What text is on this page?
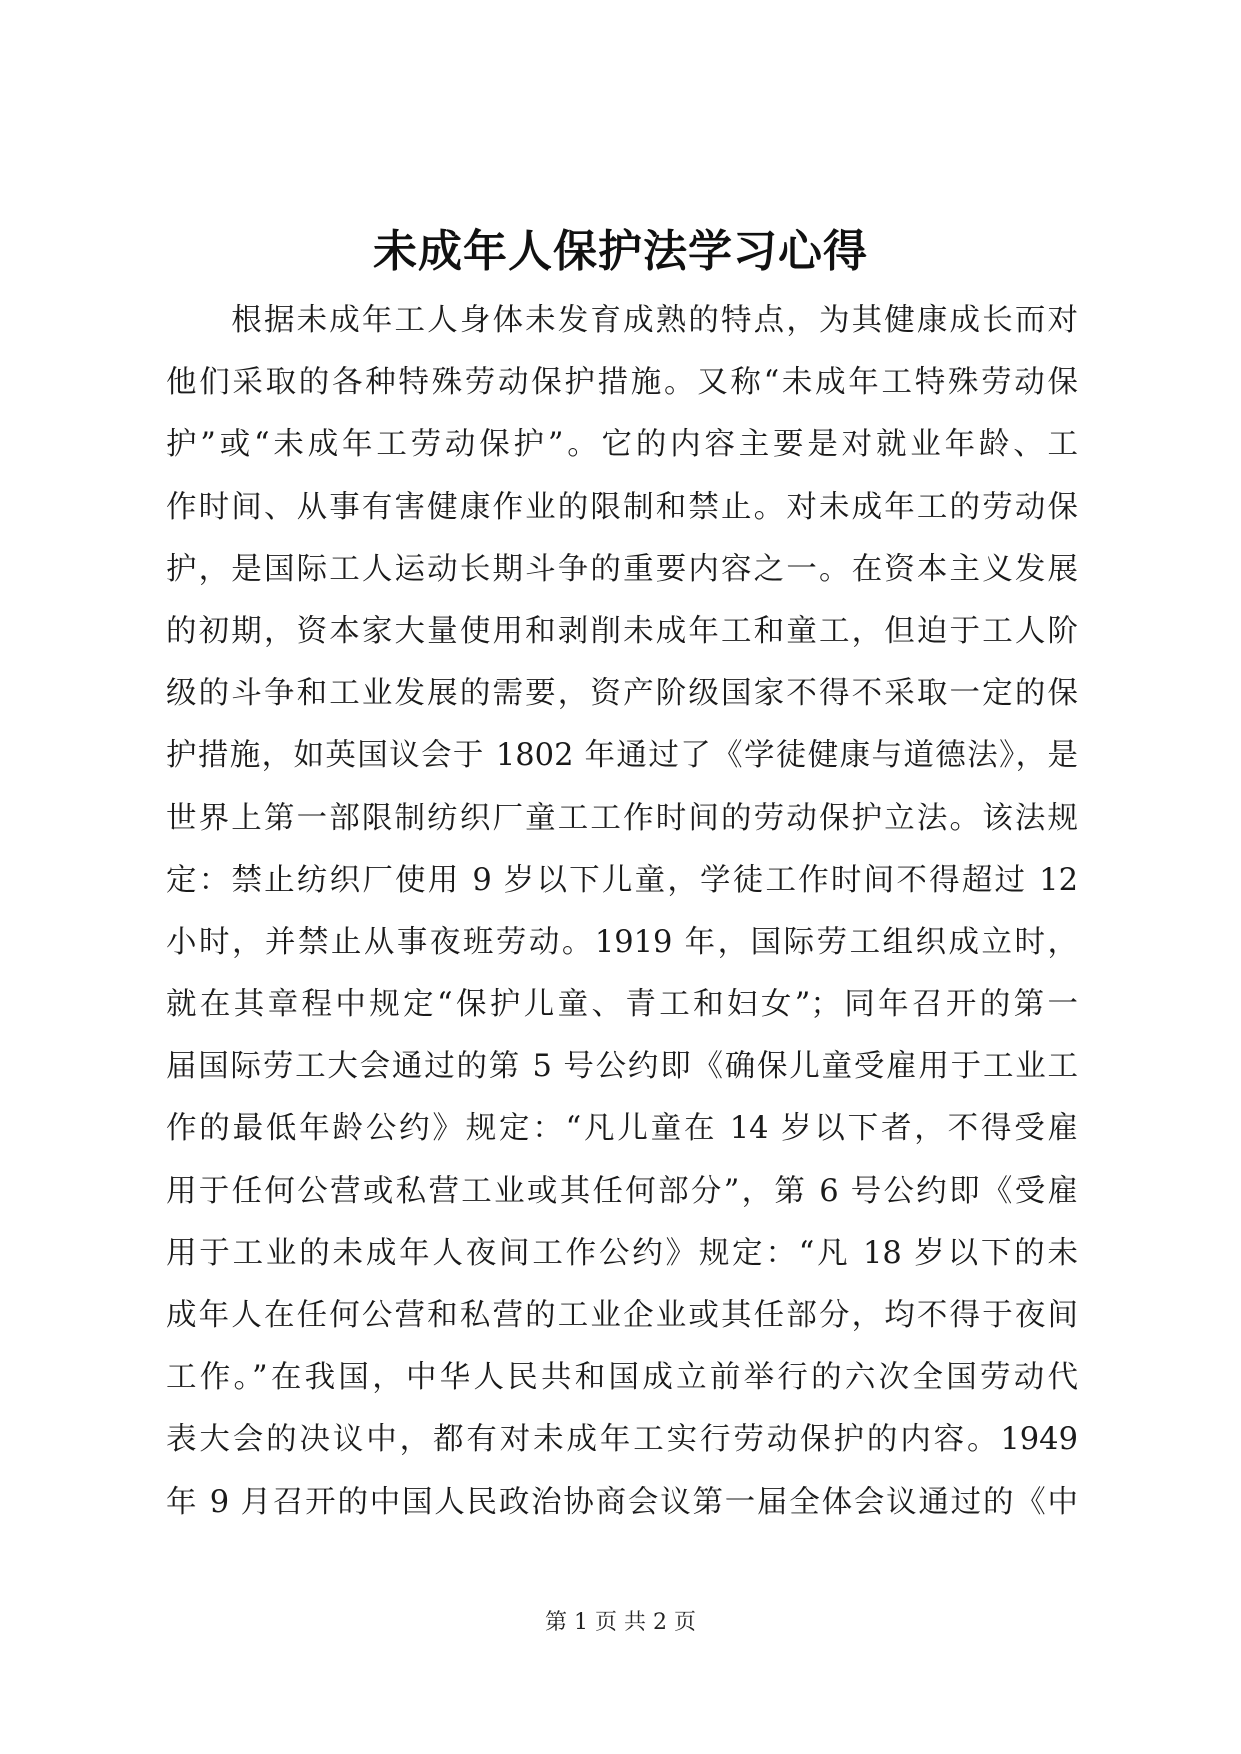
未成年人保护法学习心得
　　根据未成年工人身体未发育成熟的特点，为其健康成长而对
他们采取的各种特殊劳动保护措施。又称“未成年工特殊劳动保
护”或“未成年工劳动保护”。它的内容主要是对就业年龄、工
作时间、从事有害健康作业的限制和禁止。对未成年工的劳动保
护，是国际工人运动长期斗争的重要内容之一。在资本主义发展
的初期，资本家大量使用和剥削未成年工和童工，但迫于工人阶
级的斗争和工业发展的需要，资产阶级国家不得不采取一定的保
护措施，如英国议会于 1802 年通过了《学徒健康与道德法》，是
世界上第一部限制纺织厂童工工作时间的劳动保护立法。该法规
定：禁止纺织厂使用 9 岁以下儿童，学徒工作时间不得超过 12
小时，并禁止从事夜班劳动。1919 年，国际劳工组织成立时，
就在其章程中规定“保护儿童、青工和妇女”；同年召开的第一
届国际劳工大会通过的第 5 号公约即《确保儿童受雇用于工业工
作的最低年龄公约》规定：“凡儿童在 14 岁以下者，不得受雇
用于任何公营或私营工业或其任何部分”，第 6 号公约即《受雇
用于工业的未成年人夜间工作公约》规定：“凡 18 岁以下的未
成年人在任何公营和私营的工业企业或其任部分，均不得于夜间
工作。”在我国，中华人民共和国成立前举行的六次全国劳动代
表大会的决议中，都有对未成年工实行劳动保护的内容。1949
年 9 月召开的中国人民政治协商会议第一届全体会议通过的《中
第 1 页 共 2 页
